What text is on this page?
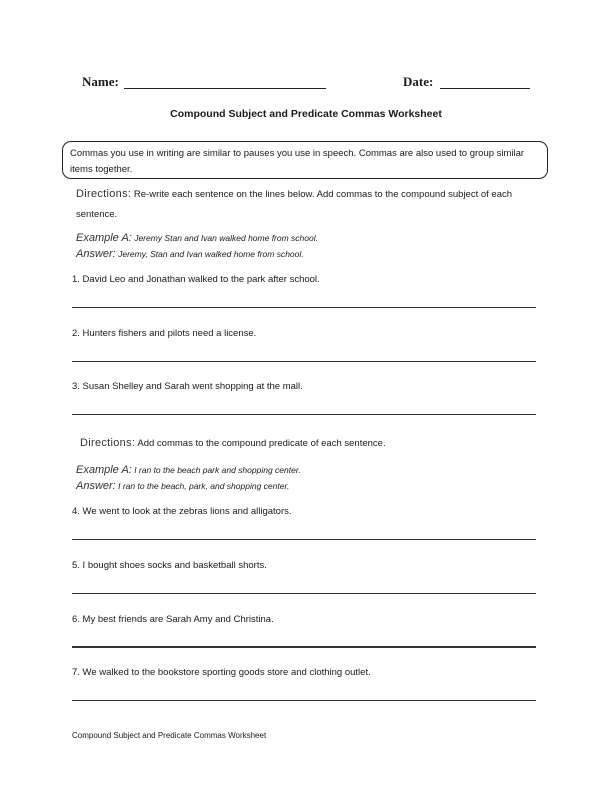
Name:	Date:
Compound Subject and Predicate Commas Worksheet
Commas you use in writing are similar to pauses you use in speech. Commas are also used to group similar items together.
Directions: Re-write each sentence on the lines below. Add commas to the compound subject of each sentence.
Example A: Jeremy Stan and Ivan walked home from school.
Answer: Jeremy, Stan and Ivan walked home from school.
1. David Leo and Jonathan walked to the park after school.
2. Hunters fishers and pilots need a license.
3. Susan Shelley and Sarah went shopping at the mall.
Directions: Add commas to the compound predicate of each sentence.
Example A: I ran to the beach park and shopping center.
Answer: I ran to the beach, park, and shopping center.
4. We went to look at the zebras lions and alligators.
5. I bought shoes socks and basketball shorts.
6. My best friends are Sarah Amy and Christina.
7. We walked to the bookstore sporting goods store and clothing outlet.
Compound Subject and Predicate Commas Worksheet
